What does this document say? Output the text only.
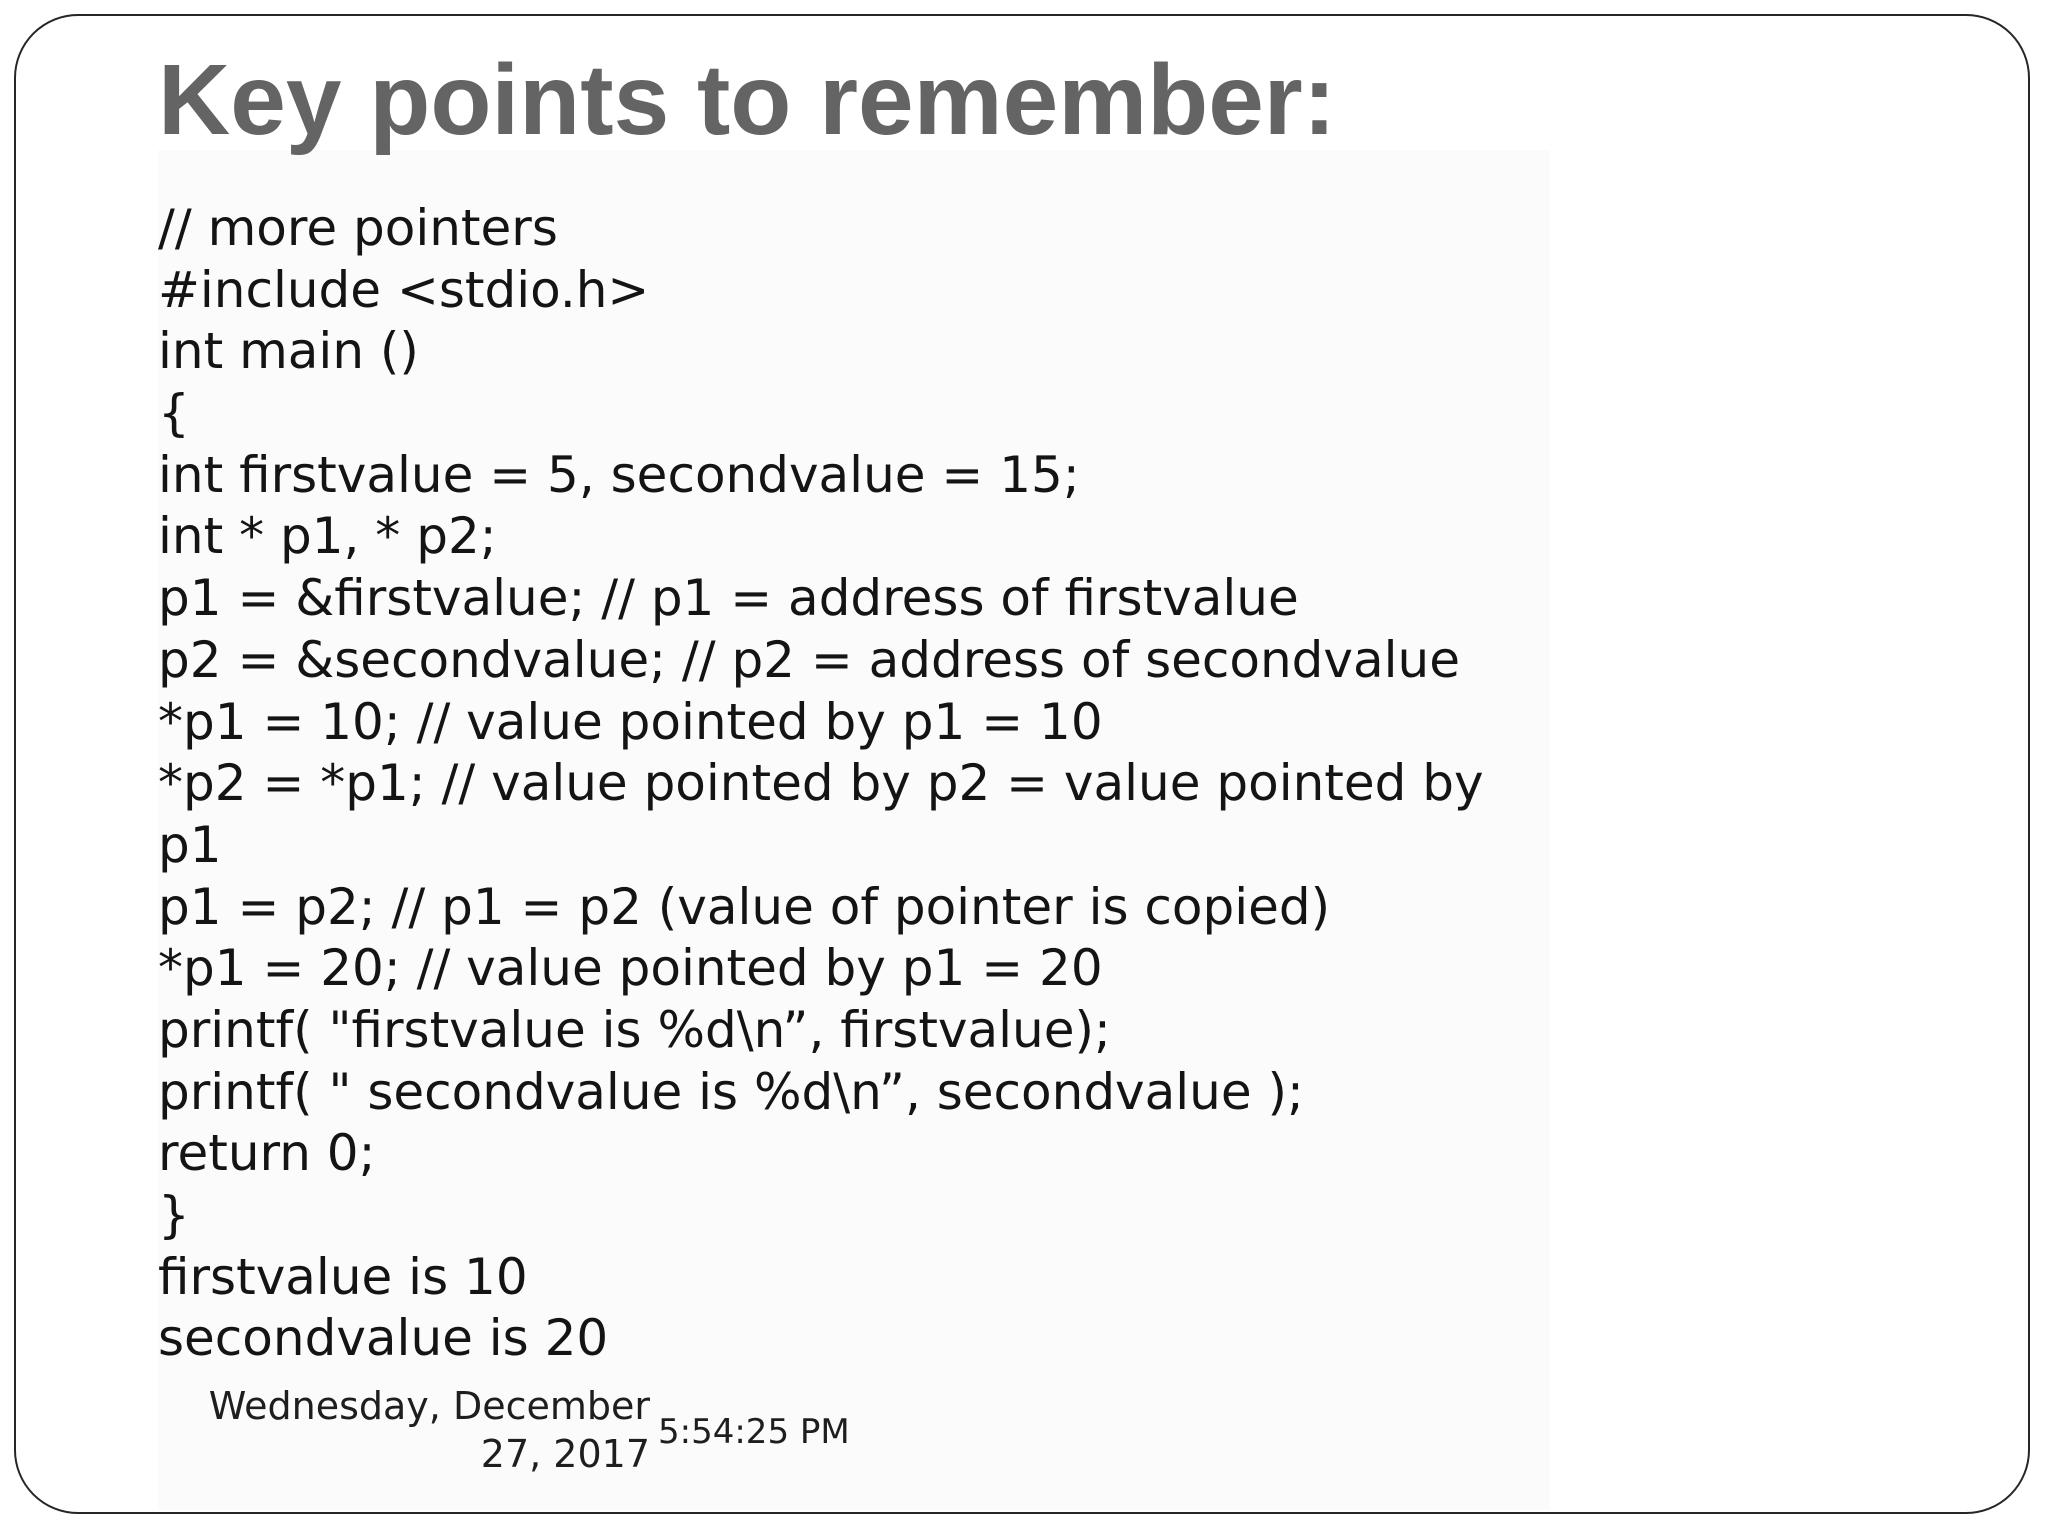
Key points to remember:
// more pointers
#include <stdio.h>
int main ()
{
int firstvalue = 5, secondvalue = 15;
int * p1, * p2;
p1 = &firstvalue; // p1 = address of firstvalue
p2 = &secondvalue; // p2 = address of secondvalue
*p1 = 10; // value pointed by p1 = 10
*p2 = *p1; // value pointed by p2 = value pointed by
p1
p1 = p2; // p1 = p2 (value of pointer is copied)
*p1 = 20; // value pointed by p1 = 20
printf( "firstvalue is %d\n”, firstvalue);
printf( " secondvalue is %d\n”, secondvalue );
return 0;
}
firstvalue is 10
secondvalue is 20
Wednesday, December
27, 2017 5:54:25 PM
